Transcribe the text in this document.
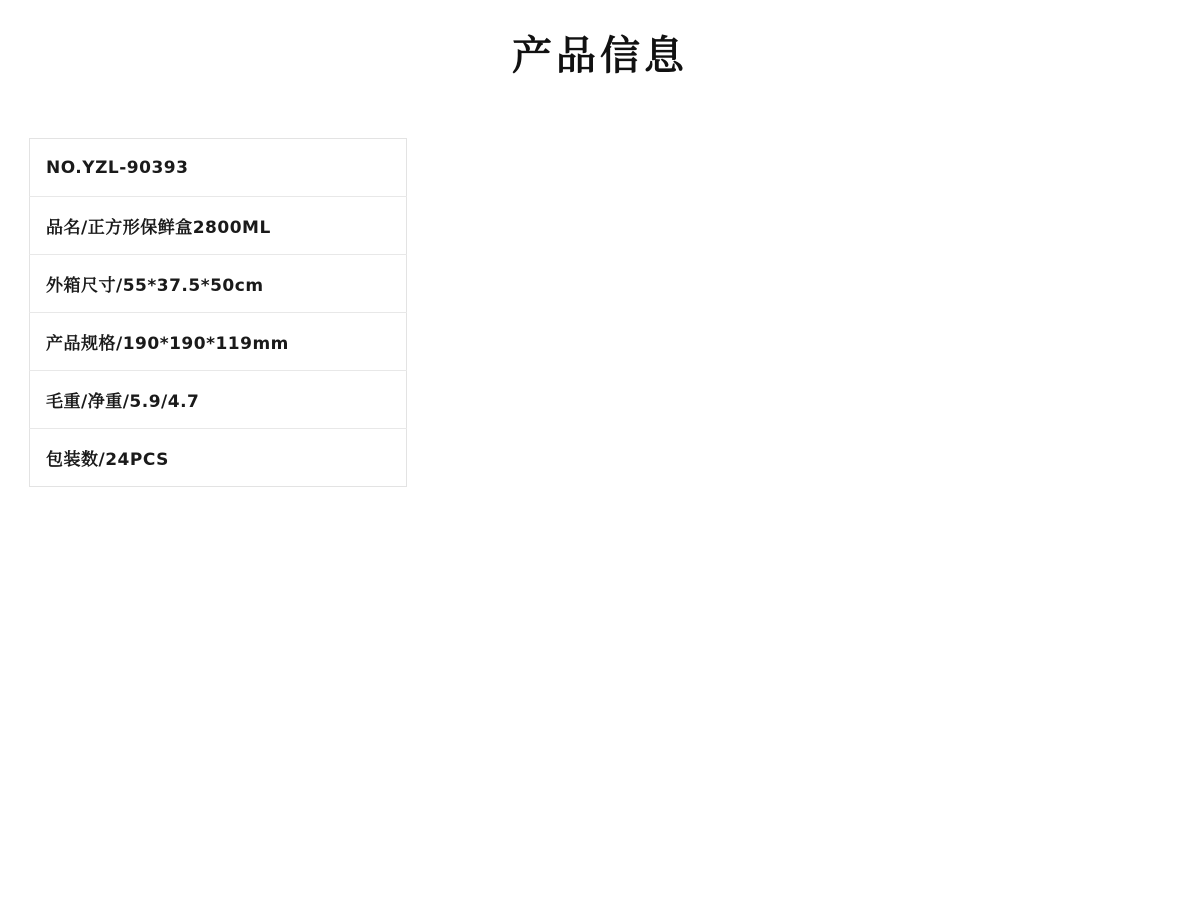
产品信息
NO.YZL-90393
品名/正方形保鲜盒2800ML
外箱尺寸/55*37.5*50cm
产品规格/190*190*119mm
毛重/净重/5.9/4.7
包装数/24PCS
